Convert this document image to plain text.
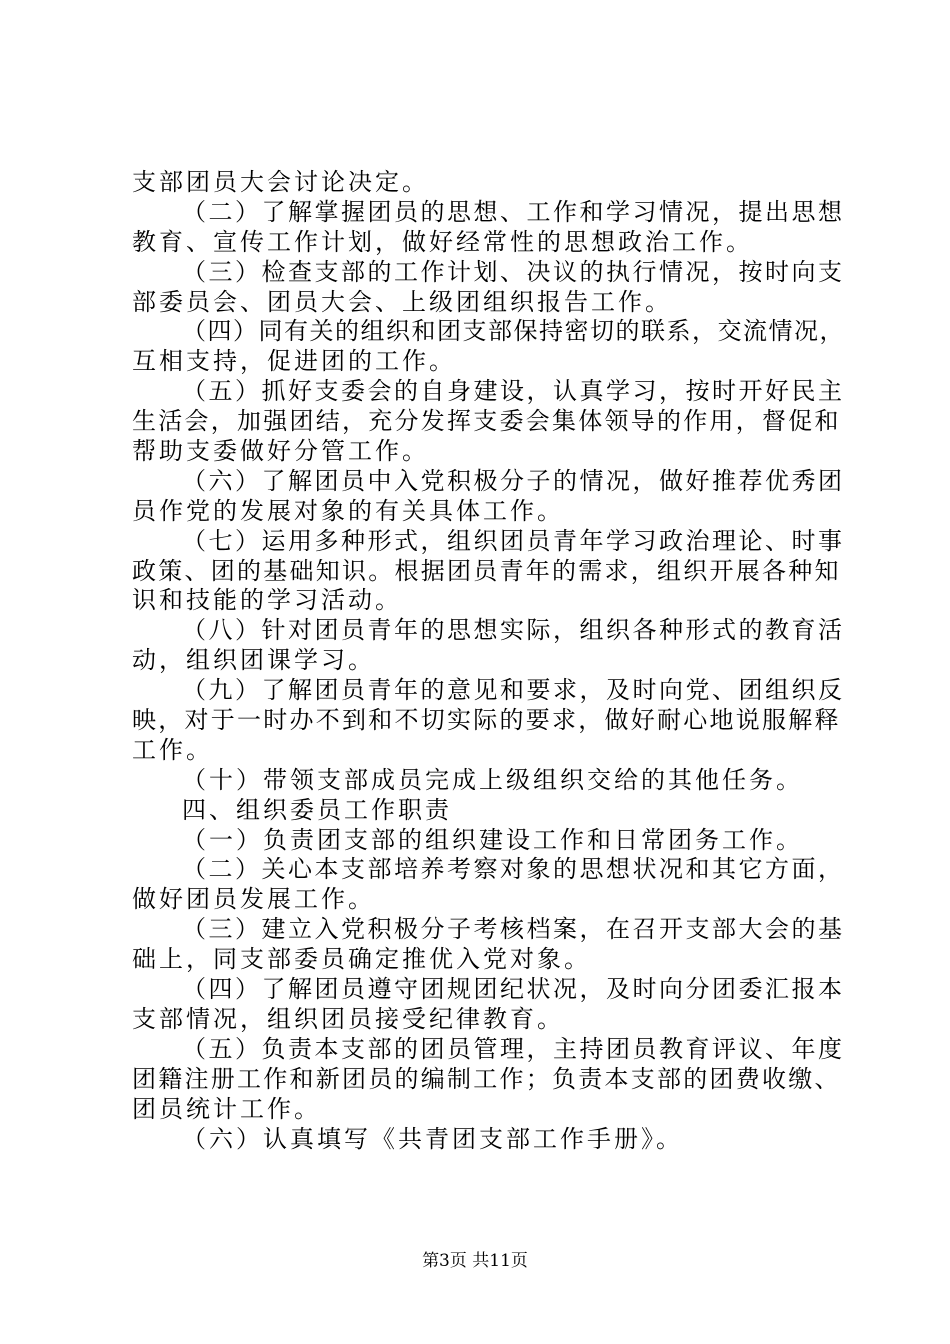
支部团员大会讨论决定。
（二）了解掌握团员的思想、工作和学习情况，提出思想
教育、宣传工作计划，做好经常性的思想政治工作。
（三）检查支部的工作计划、决议的执行情况，按时向支
部委员会、团员大会、上级团组织报告工作。
（四）同有关的组织和团支部保持密切的联系，交流情况，
互相支持，促进团的工作。
（五）抓好支委会的自身建设，认真学习，按时开好民主
生活会，加强团结，充分发挥支委会集体领导的作用，督促和
帮助支委做好分管工作。
（六）了解团员中入党积极分子的情况，做好推荐优秀团
员作党的发展对象的有关具体工作。
（七）运用多种形式，组织团员青年学习政治理论、时事
政策、团的基础知识。根据团员青年的需求，组织开展各种知
识和技能的学习活动。
（八）针对团员青年的思想实际，组织各种形式的教育活
动，组织团课学习。
（九）了解团员青年的意见和要求，及时向党、团组织反
映，对于一时办不到和不切实际的要求，做好耐心地说服解释
工作。
（十）带领支部成员完成上级组织交给的其他任务。
四、组织委员工作职责
（一）负责团支部的组织建设工作和日常团务工作。
（二）关心本支部培养考察对象的思想状况和其它方面，
做好团员发展工作。
（三）建立入党积极分子考核档案，在召开支部大会的基
础上，同支部委员确定推优入党对象。
（四）了解团员遵守团规团纪状况，及时向分团委汇报本
支部情况，组织团员接受纪律教育。
（五）负责本支部的团员管理，主持团员教育评议、年度
团籍注册工作和新团员的编制工作；负责本支部的团费收缴、
团员统计工作。
（六）认真填写《共青团支部工作手册》。
第3页 共11页
